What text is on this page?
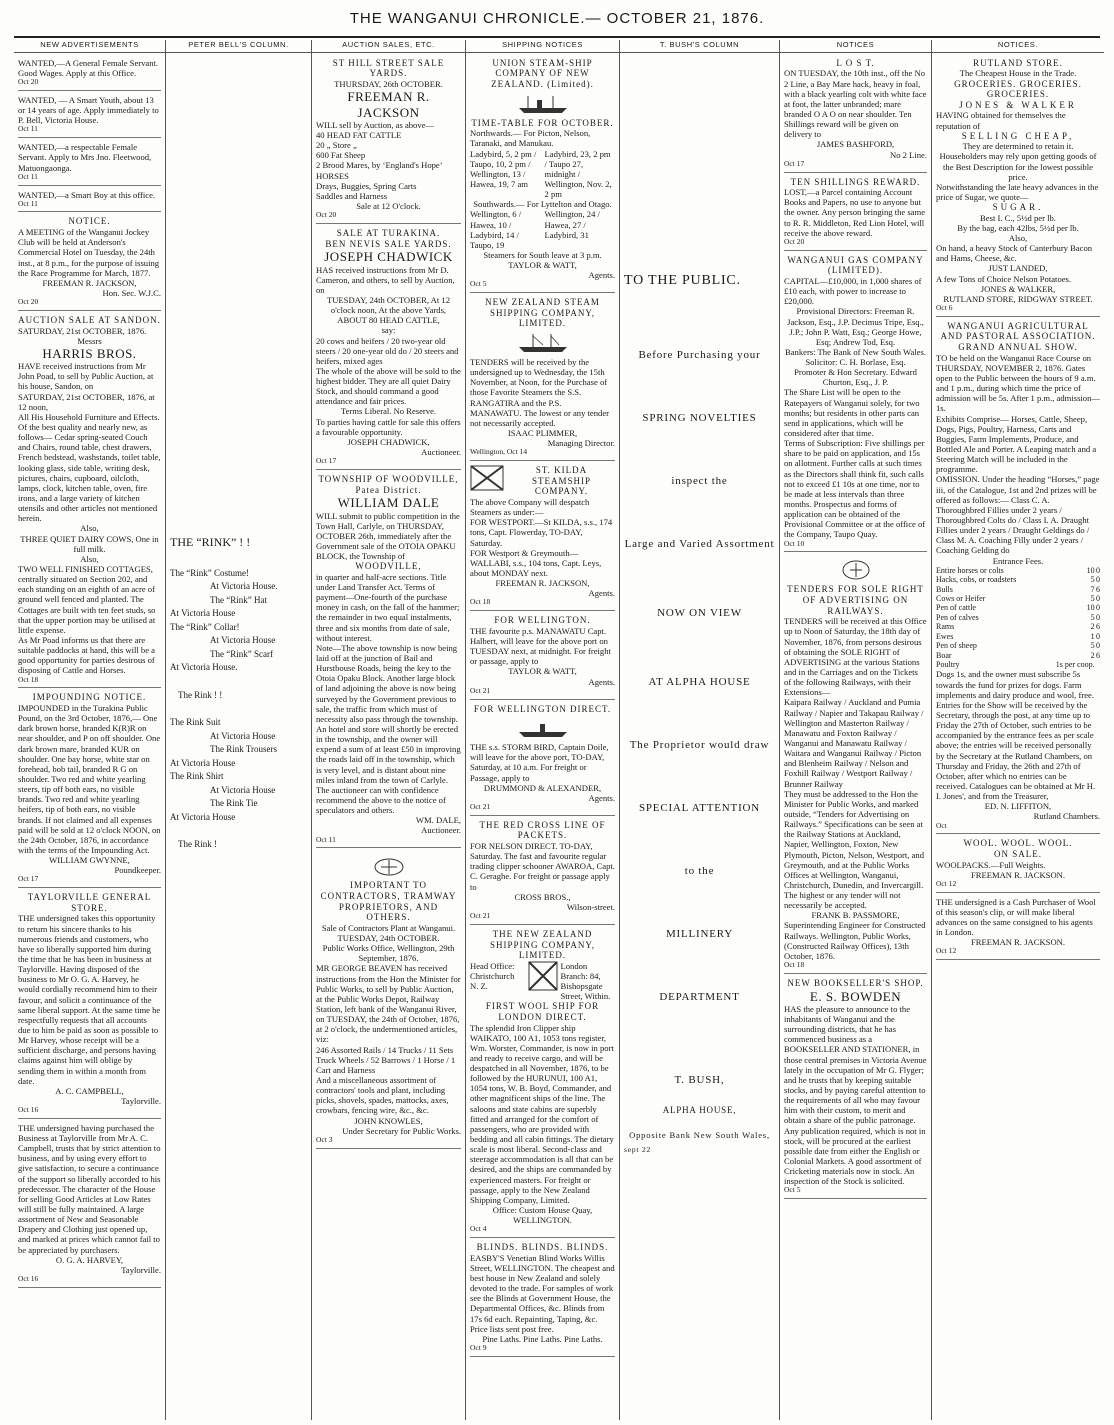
THE WANGANUI CHRONICLE.— OCTOBER 21, 1876.
NEW ADVERTISEMENTS

WANTED,—A General Female Servant. Good Wages. Apply at this Office.

Oct 20

WANTED, — A Smart Youth, about 13 or 14 years of age. Apply immediately to P. Bell, Victoria House.

Oct 11

WANTED,—a respectable Female Servant. Apply to Mrs Jno. Fleetwood, Matuongaonga.

Oct 11

WANTED,—a Smart Boy at this office.

Oct 11

NOTICE.

A MEETING of the Wanganui Jockey Club will be held at Anderson's Commercial Hotel on Tuesday, the 24th inst., at 8 p.m., for the purpose of issuing the Race Programme for March, 1877.

FREEMAN R. JACKSON,

Hon. Sec. W.J.C.

Oct 20

AUCTION SALE AT SANDON.

SATURDAY, 21st OCTOBER, 1876.

Messrs

HARRIS BROS.

HAVE received instructions from Mr John Poad, to sell by Public Auction, at his house, Sandon, on

SATURDAY, 21st OCTOBER, 1876, at 12 noon,

All His Household Furniture and Effects. Of the best quality and nearly new, as follows— Cedar spring-seated Couch and Chairs, round table, chest drawers, French bedstead, washstands, toilet table, looking glass, side table, writing desk, pictures, chairs, cupboard, oilcloth, lamps, clock, kitchen table, oven, fire irons, and a large variety of kitchen utensils and other articles not mentioned herein.

Also,

THREE QUIET DAIRY COWS, One in full milk.

Also,

TWO WELL FINISHED COTTAGES, centrally situated on Section 202, and each standing on an eighth of an acre of ground well fenced and planted. The Cottages are built with ten feet studs, so that the upper portion may be utilised at little expense.

As Mr Poad informs us that there are suitable paddocks at hand, this will be a good opportunity for parties desirous of disposing of Cattle and Horses.

Oct 18

IMPOUNDING NOTICE.

IMPOUNDED in the Turakina Public Pound, on the 3rd October, 1876,— One dark brown horse, branded K(R)R on near shoulder, and P on off shoulder. One dark brown mare, branded KUR on shoulder. One bay horse, white star on forehead, bob tail, branded R G on shoulder. Two red and white yearling steers, tip off both ears, no visible brands. Two red and white yearling heifers, tip of both ears, no visible brands. If not claimed and all expenses paid will be sold at 12 o'clock NOON, on the 24th October, 1876, in accordance with the terms of the Impounding Act.

WILLIAM GWYNNE,

Poundkeeper.

Oct 17

TAYLORVILLE GENERAL STORE.

THE undersigned takes this opportunity to return his sincere thanks to his numerous friends and customers, who have so liberally supported him during the time that he has been in business at Taylorville. Having disposed of the business to Mr O. G. A. Harvey, he would cordially recommend him to their favour, and solicit a continuance of the same liberal support. At the same time he respectfully requests that all accounts due to him be paid as soon as possible to Mr Harvey, whose receipt will be a sufficient discharge, and persons having claims against him will oblige by sending them in within a month from date.

A. C. CAMPBELL,

Taylorville.

Oct 16

THE undersigned having purchased the Business at Taylorville from Mr A. C. Campbell, trusts that by strict attention to business, and by using every effort to give satisfaction, to secure a continuance of the support so liberally accorded to his predecessor. The character of the House for selling Good Articles at Low Rates will still be fully maintained. A large assortment of New and Seasonable Drapery and Clothing just opened up, and marked at prices which cannot fail to be appreciated by purchasers.

O. G. A. HARVEY,

Taylorville.

Oct 16

PETER BELL'S COLUMN.

THE “RINK” ! !

The “Rink” Costume!

At Victoria House.

The “Rink” Hat

At Victoria House

The “Rink” Collar!

At Victoria House

The “Rink” Scarf

At Victoria House.

The Rink ! !

The Rink Suit

At Victoria House

The Rink Trousers

At Victoria House

The Rink Shirt

At Victoria House

The Rink Tie

At Victoria House

The Rink !

AUCTION SALES, ETC.

ST HILL STREET SALE YARDS.

THURSDAY, 26th OCTOBER.

FREEMAN R. JACKSON

WILL sell by Auction, as above—

40 HEAD FAT CATTLE

20 „ Store „

600 Fat Sheep

2 Brood Mares, by ‘England's Hope’

HORSES

Drays, Buggies, Spring Carts

Saddles and Harness

Sale at 12 O'clock.

Oct 20

SALE AT TURAKINA.

BEN NEVIS SALE YARDS.

JOSEPH CHADWICK

HAS received instructions from Mr D. Cameron, and others, to sell by Auction, on

TUESDAY, 24th OCTOBER, At 12 o'clock noon, At the above Yards,

ABOUT 80 HEAD CATTLE,

say:

20 cows and heifers / 20 two-year old steers / 20 one-year old do / 20 steers and heifers, mixed ages

The whole of the above will be sold to the highest bidder. They are all quiet Dairy Stock, and should command a good attendance and fair prices.

Terms Liberal. No Reserve.

To parties having cattle for sale this offers a favourable opportunity.

JOSEPH CHADWICK,

Auctioneer.

Oct 17

TOWNSHIP OF WOODVILLE, Patea District.

WILLIAM DALE

WILL submit to public competition in the Town Hall, Carlyle, on THURSDAY, OCTOBER 26th, immediately after the Government sale of the OTOIA OPAKU BLOCK, the Township of

WOODVILLE,

in quarter and half-acre sections. Title under Land Transfer Act. Terms of payment—One-fourth of the purchase money in cash, on the fall of the hammer; the remainder in two equal instalments, three and six months from date of sale, without interest.

Note—The above township is now being laid off at the junction of Bail and Hurstbouse Roads, being the key to the Otoia Opaku Block. Another large block of land adjoining the above is now being surveyed by the Government previous to sale, the traffic from which must of necessity also pass through the township. An hotel and store will shortly be erected in the township, and the owner will expend a sum of at least £50 in improving the roads laid off in the township, which is very level, and is distant about nine miles inland from the town of Carlyle. The auctioneer can with confidence recommend the above to the notice of speculators and others.

WM. DALE,

Auctioneer.

Oct 11

IMPORTANT TO CONTRACTORS, TRAMWAY PROPRIETORS, AND OTHERS.

Sale of Contractors Plant at Wanganui.

TUESDAY, 24th OCTOBER.

Public Works Office, Wellington, 29th September, 1876.

MR GEORGE BEAVEN has received instructions from the Hon the Minister for Public Works, to sell by Public Auction, at the Public Works Depot, Railway Station, left bank of the Wanganui River, on TUESDAY, the 24th of October, 1876, at 2 o'clock, the undermentioned articles, viz:

246 Assorted Rails / 14 Trucks / 11 Sets Truck Wheels / 52 Barrows / 1 Horse / 1 Cart and Harness

And a miscellaneous assortment of contractors' tools and plant, including picks, shovels, spades, mattocks, axes, crowbars, fencing wire, &c., &c.

JOHN KNOWLES,

Under Secretary for Public Works.

Oct 3

SHIPPING NOTICES

UNION STEAM-SHIP COMPANY OF NEW ZEALAND. (Limited).

TIME-TABLE FOR OCTOBER.

Northwards.— For Picton, Nelson, Taranaki, and Manukau.

Ladybird, 5, 2 pm / Taupo, 10, 2 pm / Wellington, 13 / Hawea, 19, 7 am

Ladybird, 23, 2 pm / Taupo 27, midnight / Wellington, Nov. 2, 2 pm

Southwards.— For Lyttelton and Otago.

Wellington, 6 / Hawea, 10 / Ladybird, 14 / Taupo, 19

Wellington, 24 / Hawea, 27 / Ladybird, 31

Steamers for South leave at 3 p.m.

TAYLOR & WATT,

Agents.

Oct 5

NEW ZEALAND STEAM SHIPPING COMPANY, LIMITED.

TENDERS will be received by the undersigned up to Wednesday, the 15th November, at Noon, for the Purchase of those Favorite Steamers the S.S. RANGATIRA and the P.S. MANAWATU. The lowest or any tender not necessarily accepted.

ISAAC PLIMMER,

Managing Director.

Wellington, Oct 14

ST. KILDA STEAMSHIP COMPANY.

The above Company will despatch Steamers as under:—

FOR WESTPORT.—St KILDA, s.s., 174 tons, Capt. Flowerday, TO-DAY, Saturday.

FOR Westport & Greymouth—WALLABI, s.s., 104 tons, Capt. Leys, about MONDAY next.

FREEMAN R. JACKSON,

Agents.

Oct 18

FOR WELLINGTON.

THE favourite p.s. MANAWATU Capt. Halbert, will leave for the above port on TUESDAY next, at midnight. For freight or passage, apply to

TAYLOR & WATT,

Agents.

Oct 21

FOR WELLINGTON DIRECT.

THE s.s. STORM BIRD, Captain Doile, will leave for the above port, TO-DAY, Saturday, at 10 a.m. For freight or Passage, apply to

DRUMMOND & ALEXANDER,

Agents.

Oct 21

THE RED CROSS LINE OF PACKETS.

FOR NELSON DIRECT. TO-DAY, Saturday. The fast and favourite regular trading clipper schooner AWAROA, Capt. C. Geraghe. For freight or passage apply to

CROSS BROS.,

Wilson-street.

Oct 21

THE NEW ZEALAND SHIPPING COMPANY, LIMITED.

Head Office: Christchurch N. Z.

London Branch: 84, Bishopsgate Street, Within.

FIRST WOOL SHIP FOR LONDON DIRECT.

The splendid Iron Clipper ship WAIKATO, 100 A1, 1053 tons register, Wm. Worster, Commander, is now in port and ready to receive cargo, and will be despatched in all November, 1876, to be followed by the HURUNUI, 100 A1, 1054 tons, W. B. Boyd, Commander, and other magnificent ships of the line. The saloons and state cabins are superbly fitted and arranged for the comfort of passengers, who are provided with bedding and all cabin fittings. The dietary scale is most liberal. Second-class and steerage accommodation is all that can be desired, and the ships are commanded by experienced masters. For freight or passage, apply to the New Zealand Shipping Company, Limited.

Office: Custom House Quay, WELLINGTON.

Oct 4

BLINDS. BLINDS. BLINDS.

EASBY'S Venetian Blind Works Willis Street, WELLINGTON. The cheapest and best house in New Zealand and solely devoted to the trade. For samples of work see the Blinds at Government House, the Departmental Offices, &c. Blinds from 17s 6d each. Repainting, Taping, &c. Price lists sent post free.

Pine Laths. Pine Laths. Pine Laths.

Oct 9

T. BUSH'S COLUMN

TO THE PUBLIC.

Before Purchasing your

SPRING NOVELTIES

inspect the

Large and Varied Assortment

NOW ON VIEW

AT ALPHA HOUSE

The Proprietor would draw

SPECIAL ATTENTION

to the

MILLINERY

DEPARTMENT

T. BUSH,

ALPHA HOUSE,

Opposite Bank New South Wales,

sept 22

NOTICES

L O S T.

ON TUESDAY, the 10th inst., off the No 2 Line, a Bay Mare hack, heavy in foal, with a black yearling colt with white face at foot, the latter unbranded; mare branded O A O on near shoulder. Ten Shillings reward will be given on delivery to

JAMES BASHFORD,

No 2 Line.

Oct 17

TEN SHILLINGS REWARD.

LOST,—a Parcel containing Account Books and Papers, no use to anyone but the owner. Any person bringing the same to R. R. Middleton, Red Lion Hotel, will receive the above reward.

Oct 20

WANGANUI GAS COMPANY (LIMITED).

CAPITAL—£10,000, in 1,000 shares of £10 each, with power to increase to £20,000.

Provisional Directors: Freeman R. Jackson, Esq., J.P. Decimus Tripe, Esq., J.P.; John P. Watt, Esq.; George Howe, Esq; Andrew Tod, Esq.

Bankers: The Bank of New South Wales.

Solicitor: C. H. Borlase, Esq.

Promoter & Hon Secretary. Edward Churton, Esq., J. P.

The Share List will be open to the Ratepayers of Wanganui solely, for two months; but residents in other parts can send in applications, which will be considered after that time.

Terms of Subscription: Five shillings per share to be paid on application, and 15s on allotment. Further calls at such times as the Directors shall think fit, such calls not to exceed £1 10s at one time, nor to be made at less intervals than three months. Prospectus and forms of application can be obtained of the Provisional Committee or at the office of the Company, Taupo Quay.

Oct 10

TENDERS FOR SOLE RIGHT OF ADVERTISING ON RAILWAYS.

TENDERS will be received at this Office up to Noon of Saturday, the 18th day of November, 1876, from persons desirous of obtaining the SOLE RIGHT of ADVERTISING at the various Stations and in the Carriages and on the Tickets of the following Railways, with their Extensions—

Kaipara Railway / Auckland and Pumia Railway / Napier and Takapau Railway / Wellington and Masterton Railway / Manawatu and Foxton Railway / Wanganui and Manawatu Railway / Waitara and Wanganui Railway / Picton and Blenheim Railway / Nelson and Foxhill Railway / Westport Railway / Brunner Railway

They must be addressed to the Hon the Minister for Public Works, and marked outside, “Tenders for Advertising on Railways.” Specifications can be seen at the Railway Stations at Auckland, Napier, Wellington, Foxton, New Plymouth, Picton, Nelson, Westport, and Greymouth, and at the Public Works Offices at Wellington, Wanganui, Christchurch, Dunedin, and Invercargill. The highest or any tender will not necessarily be accepted.

FRANK B. PASSMORE,

Superintending Engineer for Constructed Railways. Wellington, Public Works, (Constructed Railway Offices), 13th October, 1876.

Oct 18

NEW BOOKSELLER'S SHOP.

E. S. BOWDEN

HAS the pleasure to announce to the inhabitants of Wanganui and the surrounding districts, that he has commenced business as a BOOKSELLER AND STATIONER, in those central premises in Victoria Avenue lately in the occupation of Mr G. Flyger; and he trusts that by keeping suitable stocks, and by paying careful attention to the requirements of all who may favour him with their custom, to merit and obtain a share of the public patronage. Any publication required, which is not in stock, will be procured at the earliest possible date from either the English or Colonial Markets. A good assortment of Cricketing materials now in stock. An inspection of the Stock is solicited.

Oct 5

NOTICES.

RUTLAND STORE.

The Cheapest House in the Trade.

GROCERIES. GROCERIES. GROCERIES.

JONES & WALKER

HAVING obtained for themselves the reputation of

SELLING CHEAP,

They are determined to retain it.

Householders may rely upon getting goods of the Best Description for the lowest possible price.

Notwithstanding the late heavy advances in the price of Sugar, we quote—

SUGAR.

Best I. C., 5½d per lb.

By the bag, each 42lbs, 5½d per lb.

Also,

On hand, a heavy Stock of Canterbury Bacon and Hams, Cheese, &c.

JUST LANDED,

A few Tons of Choice Nelson Potatoes.

JONES & WALKER,

RUTLAND STORE, RIDGWAY STREET.

Oct 6

WANGANUI AGRICULTURAL AND PASTORAL ASSOCIATION.

GRAND ANNUAL SHOW.

TO be held on the Wanganui Race Course on THURSDAY, NOVEMBER 2, 1876. Gates open to the Public between the hours of 9 a.m. and 1 p.m., during which time the price of admission will be 5s. After 1 p.m., admission—1s.

Exhibits Comprise— Horses, Cattle, Sheep, Dogs, Pigs, Poultry, Harness, Carts and Buggies, Farm Implements, Produce, and Bottled Ale and Porter. A Leaping match and a Steering Match will be included in the programme.

OMISSION. Under the heading “Horses,” page iii, of the Catalogue, 1st and 2nd prizes will be offered as follows:— Class C. A. Thoroughbred Fillies under 2 years / Thoroughbred Colts do / Class I. A. Draught Fillies under 2 years / Draught Geldings do / Class M. A. Coaching Filly under 2 years / Coaching Gelding do

Entrance Fees.

Entire horses or colts	10	0
Hacks, cobs, or roadsters	5	0
Bulls	7	6
Cows or Heifer	5	0
Pen of cattle	10	0
Pen of calves	5	0
Rams	2	6
Ewes	1	0
Pen of sheep	5	0
Boar	2	6
Poultry	1s per coop.	

Dogs 1s, and the owner must subscribe 5s towards the fund for prizes for dogs. Farm implements and dairy produce and wool, free.

Entries for the Show will be received by the Secretary, through the post, at any time up to Friday the 27th of October, such entries to be accompanied by the entrance fees as per scale above; the entries will be received personally by the Secretary at the Rutland Chambers, on Thursday and Friday, the 26th and 27th of October, after which no entries can be received. Catalogues can be obtained at Mr H. I. Jones', and from the Treasurer,

ED. N. LIFFITON,

Rutland Chambers.

Oct

WOOL. WOOL. WOOL.

ON SALE.

WOOLPACKS.—Full Weights.

FREEMAN R. JACKSON.

Oct 12

THE undersigned is a Cash Purchaser of Wool of this season's clip, or will make liberal advances on the same consigned to his agents in London.

FREEMAN R. JACKSON.

Oct 12
